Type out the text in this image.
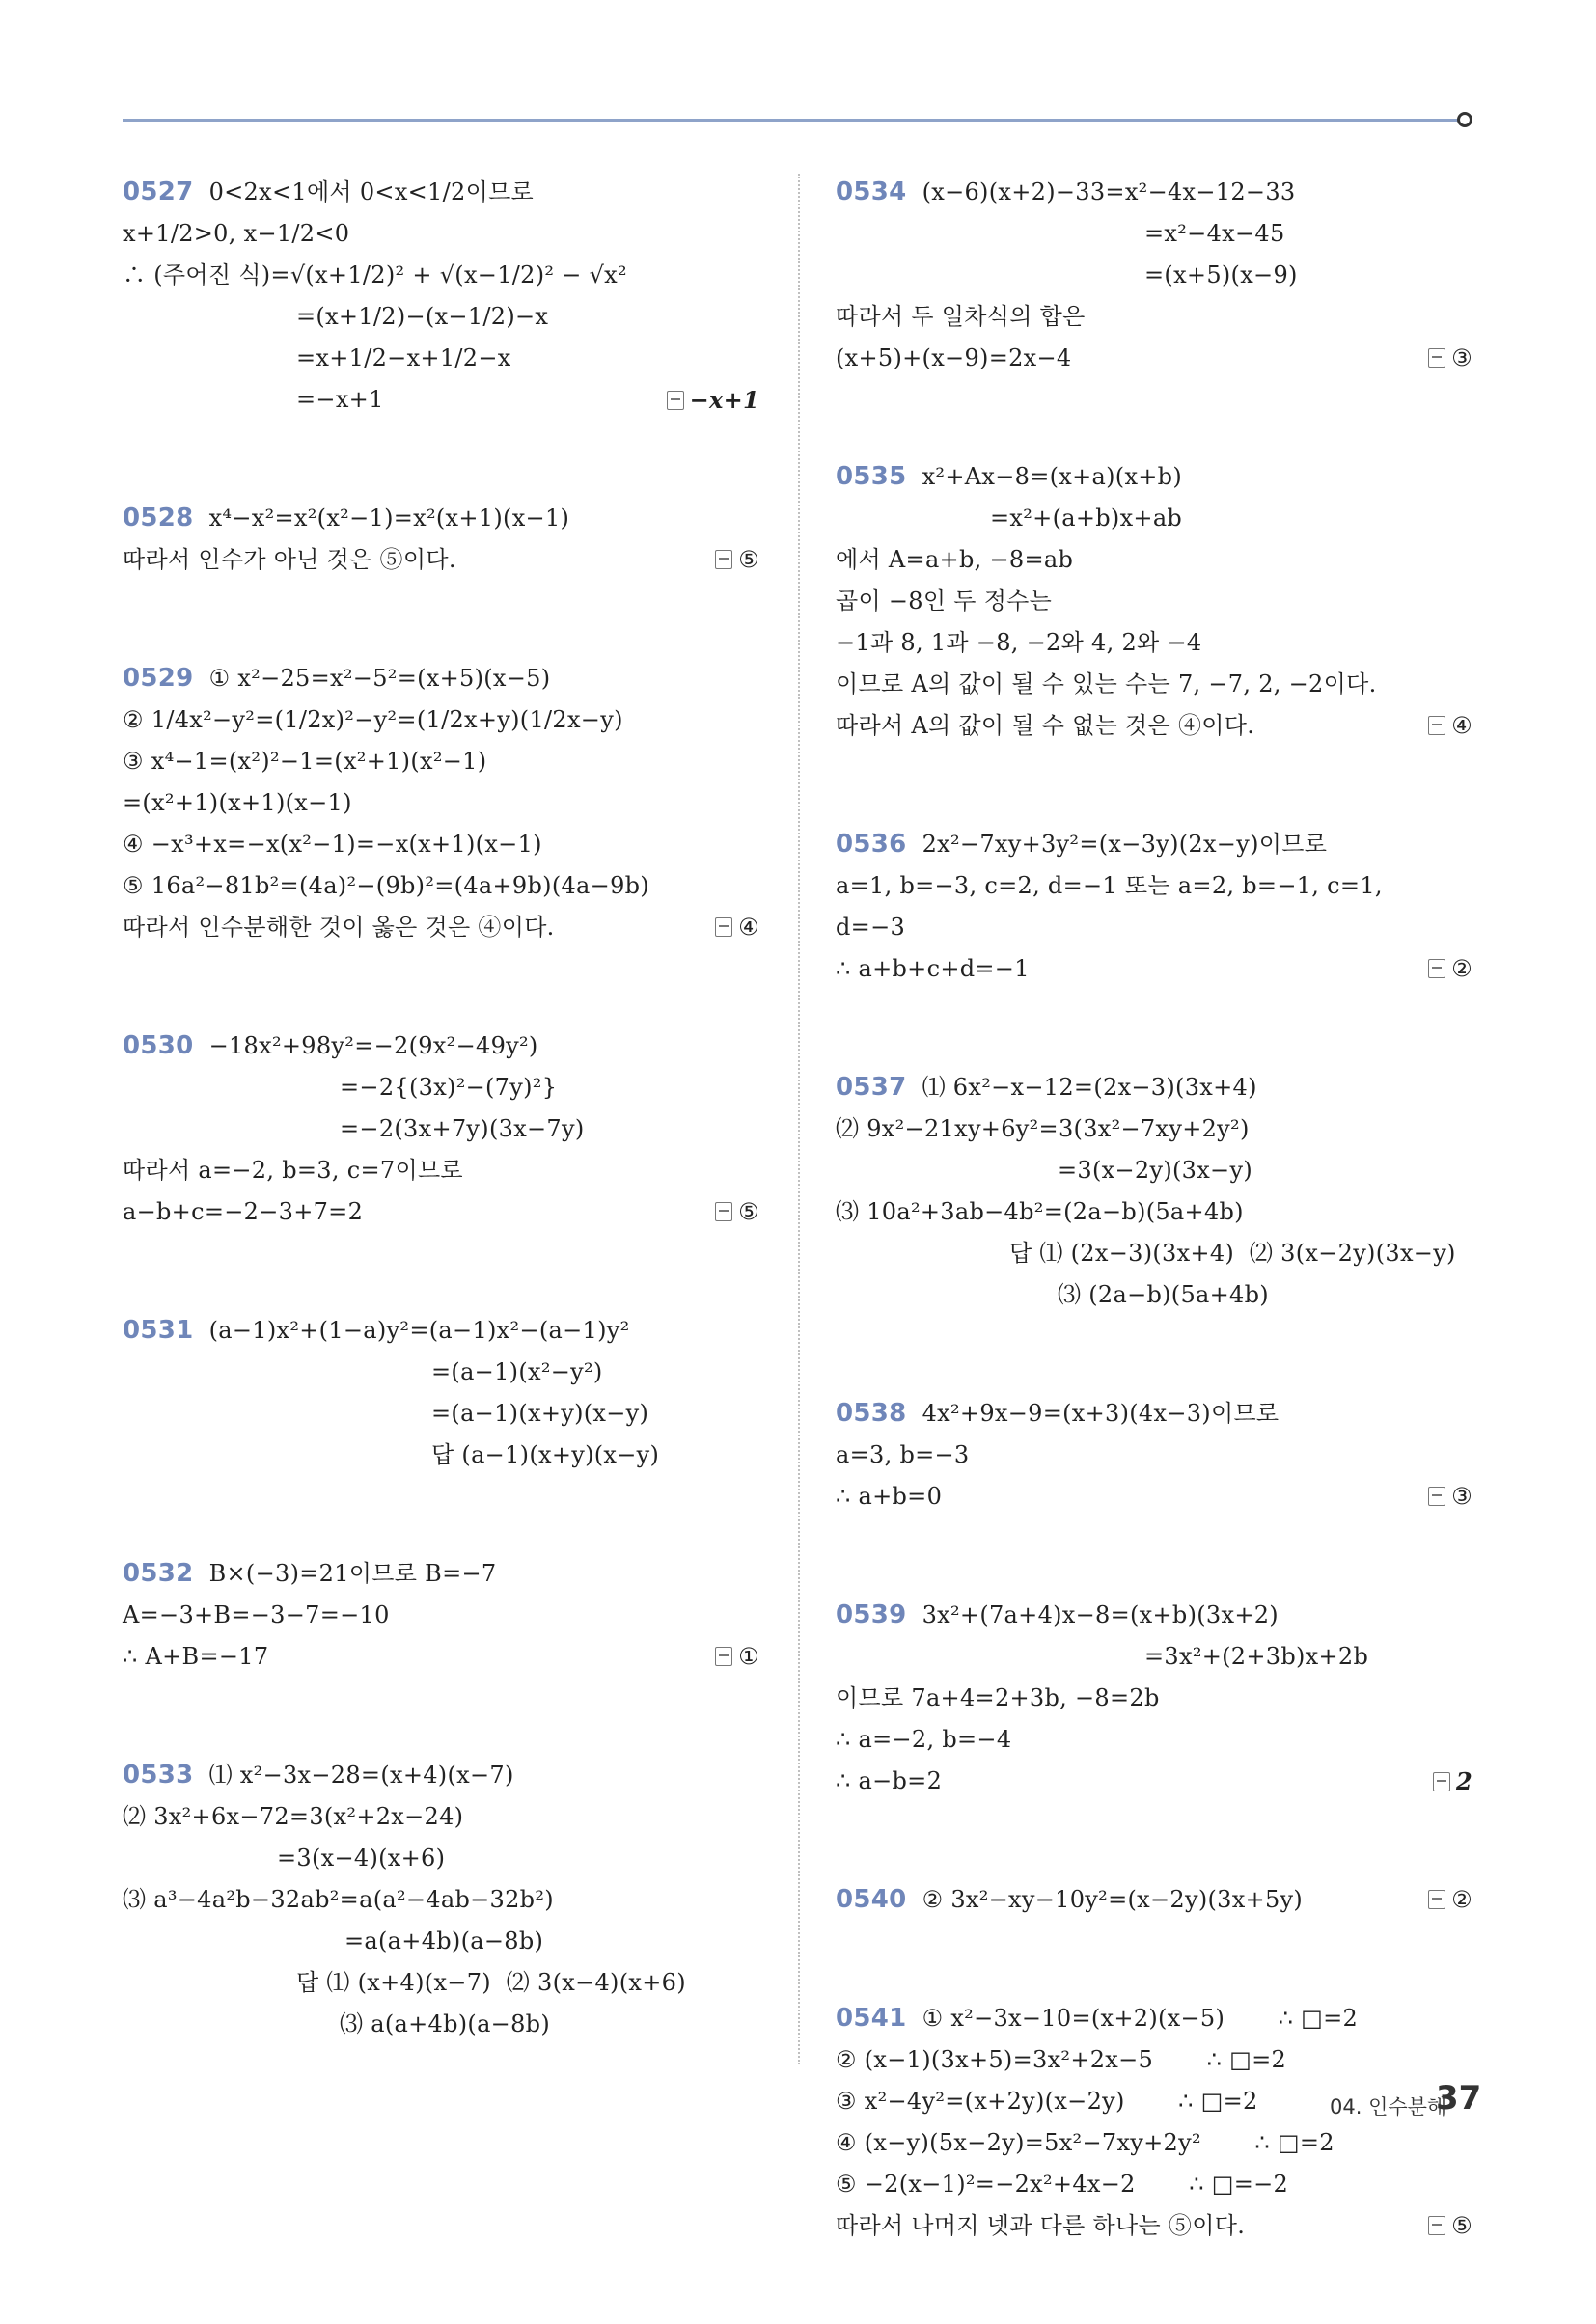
0527 0<2x<1에서 0<x<1/2이므로
x+1/2>0, x−1/2<0
∴ (주어진 식)=√(x+1/2)² + √(x−1/2)² − √x²
=(x+1/2)−(x−1/2)−x
=x+1/2−x+1/2−x
=−x+1	−x+1
0528 x⁴−x²=x²(x²−1)=x²(x+1)(x−1)
따라서 인수가 아닌 것은 ⑤이다.	⑤
0529 ① x²−25=x²−5²=(x+5)(x−5)
② 1/4x²−y²=(1/2x)²−y²=(1/2x+y)(1/2x−y)
③ x⁴−1=(x²)²−1=(x²+1)(x²−1)
=(x²+1)(x+1)(x−1)
④ −x³+x=−x(x²−1)=−x(x+1)(x−1)
⑤ 16a²−81b²=(4a)²−(9b)²=(4a+9b)(4a−9b)
따라서 인수분해한 것이 옳은 것은 ④이다.	④
0530 −18x²+98y²=−2(9x²−49y²)
=−2{(3x)²−(7y)²}
=−2(3x+7y)(3x−7y)
따라서 a=−2, b=3, c=7이므로
a−b+c=−2−3+7=2	⑤
0531 (a−1)x²+(1−a)y²=(a−1)x²−(a−1)y²
=(a−1)(x²−y²)
=(a−1)(x+y)(x−y)
답 (a−1)(x+y)(x−y)
0532 B×(−3)=21이므로 B=−7
A=−3+B=−3−7=−10
∴ A+B=−17	①
0533 ⑴ x²−3x−28=(x+4)(x−7)
⑵ 3x²+6x−72=3(x²+2x−24)
=3(x−4)(x+6)
⑶ a³−4a²b−32ab²=a(a²−4ab−32b²)
=a(a+4b)(a−8b)
답 ⑴ (x+4)(x−7)  ⑵ 3(x−4)(x+6)
⑶ a(a+4b)(a−8b)
0534 (x−6)(x+2)−33=x²−4x−12−33
=x²−4x−45
=(x+5)(x−9)
따라서 두 일차식의 합은
(x+5)+(x−9)=2x−4	③
0535 x²+Ax−8=(x+a)(x+b)
=x²+(a+b)x+ab
에서 A=a+b, −8=ab
곱이 −8인 두 정수는
−1과 8, 1과 −8, −2와 4, 2와 −4
이므로 A의 값이 될 수 있는 수는 7, −7, 2, −2이다.
따라서 A의 값이 될 수 없는 것은 ④이다.	④
0536 2x²−7xy+3y²=(x−3y)(2x−y)이므로
a=1, b=−3, c=2, d=−1 또는 a=2, b=−1, c=1,
d=−3
∴ a+b+c+d=−1	②
0537 ⑴ 6x²−x−12=(2x−3)(3x+4)
⑵ 9x²−21xy+6y²=3(3x²−7xy+2y²)
=3(x−2y)(3x−y)
⑶ 10a²+3ab−4b²=(2a−b)(5a+4b)
답 ⑴ (2x−3)(3x+4)  ⑵ 3(x−2y)(3x−y)
⑶ (2a−b)(5a+4b)
0538 4x²+9x−9=(x+3)(4x−3)이므로
a=3, b=−3
∴ a+b=0	③
0539 3x²+(7a+4)x−8=(x+b)(3x+2)
=3x²+(2+3b)x+2b
이므로 7a+4=2+3b, −8=2b
∴ a=−2, b=−4
∴ a−b=2	2
0540 ② 3x²−xy−10y²=(x−2y)(3x+5y)	②
0541 ① x²−3x−10=(x+2)(x−5)       ∴ □=2
② (x−1)(3x+5)=3x²+2x−5       ∴ □=2
③ x²−4y²=(x+2y)(x−2y)       ∴ □=2
④ (x−y)(5x−2y)=5x²−7xy+2y²       ∴ □=2
⑤ −2(x−1)²=−2x²+4x−2       ∴ □=−2
따라서 나머지 넷과 다른 하나는 ⑤이다.	⑤
04. 인수분해
37
